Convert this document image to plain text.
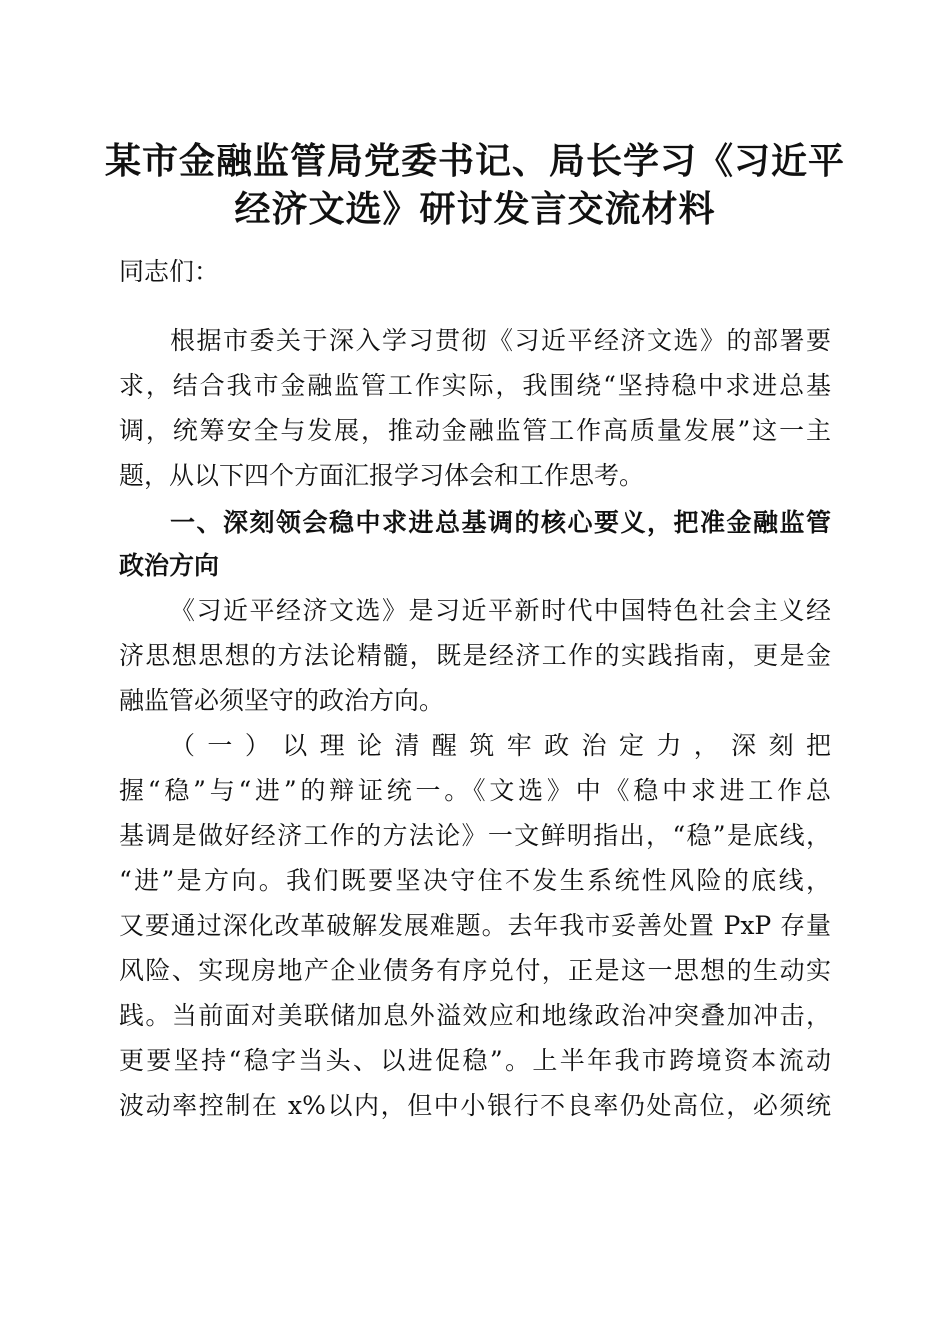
某市金融监管局党委书记、局长学习《习近平
经济文选》研讨发言交流材料
同志们：
根据市委关于深入学习贯彻《习近平经济文选》的部署要
求，结合我市金融监管工作实际，我围绕“坚持稳中求进总基
调，统筹安全与发展，推动金融监管工作高质量发展”这一主
题，从以下四个方面汇报学习体会和工作思考。
一、深刻领会稳中求进总基调的核心要义，把准金融监管
政治方向
《习近平经济文选》是习近平新时代中国特色社会主义经
济思想思想的方法论精髓，既是经济工作的实践指南，更是金
融监管必须坚守的政治方向。
（一）以理论清醒筑牢政治定力，深刻把
握“稳”与“进”的辩证统一。《文选》中《稳中求进工作总
基调是做好经济工作的方法论》一文鲜明指出，“稳”是底线，
“进”是方向。我们既要坚决守住不发生系统性风险的底线，
又要通过深化改革破解发展难题。去年我市妥善处置 PxP 存量
风险、实现房地产企业债务有序兑付，正是这一思想的生动实
践。当前面对美联储加息外溢效应和地缘政治冲突叠加冲击，
更要坚持“稳字当头、以进促稳”。上半年我市跨境资本流动
波动率控制在 x%以内，但中小银行不良率仍处高位，必须统
